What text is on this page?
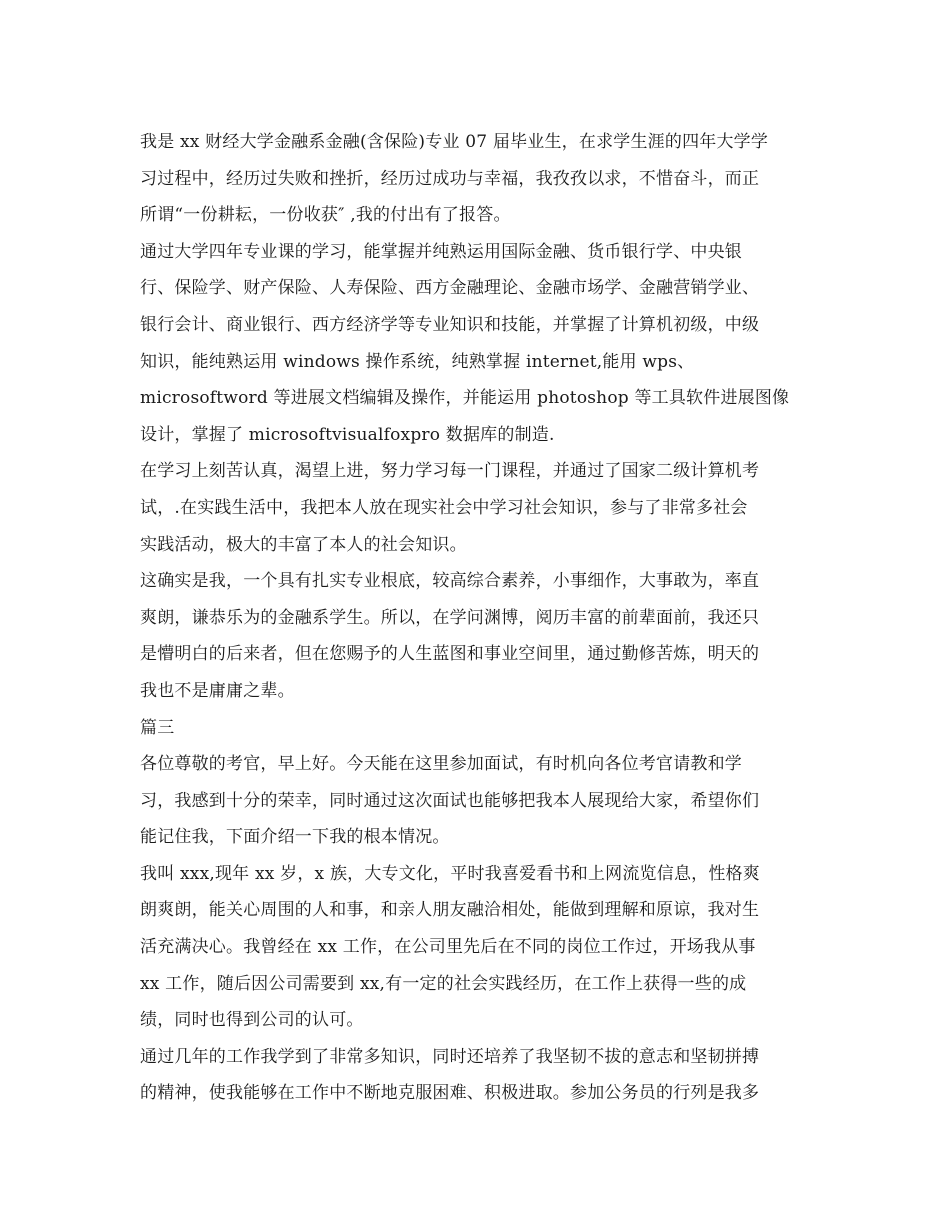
我是 xx 财经大学金融系金融(含保险)专业 07 届毕业生，在求学生涯的四年大学学
习过程中，经历过失败和挫折，经历过成功与幸福，我孜孜以求，不惜奋斗，而正
所谓“一份耕耘，一份收获″ ,我的付出有了报答。

通过大学四年专业课的学习，能掌握并纯熟运用国际金融、货币银行学、中央银
行、保险学、财产保险、人寿保险、西方金融理论、金融市场学、金融营销学业、
银行会计、商业银行、西方经济学等专业知识和技能，并掌握了计算机初级，中级
知识，能纯熟运用 windows 操作系统，纯熟掌握 internet,能用 wps、
microsoftword 等进展文档编辑及操作，并能运用 photoshop 等工具软件进展图像
设计，掌握了 microsoftvisualfoxpro 数据库的制造.

在学习上刻苦认真，渴望上进，努力学习每一门课程，并通过了国家二级计算机考
试，.在实践生活中，我把本人放在现实社会中学习社会知识，参与了非常多社会
实践活动，极大的丰富了本人的社会知识。

这确实是我，一个具有扎实专业根底，较高综合素养，小事细作，大事敢为，率直
爽朗，谦恭乐为的金融系学生。所以，在学问渊博，阅历丰富的前辈面前，我还只
是懵明白的后来者，但在您赐予的人生蓝图和事业空间里，通过勤修苦炼，明天的
我也不是庸庸之辈。

篇三

各位尊敬的考官，早上好。今天能在这里参加面试，有时机向各位考官请教和学
习，我感到十分的荣幸，同时通过这次面试也能够把我本人展现给大家，希望你们
能记住我，下面介绍一下我的根本情况。

我叫 xxx,现年 xx 岁，x 族，大专文化，平时我喜爱看书和上网流览信息，性格爽
朗爽朗，能关心周围的人和事，和亲人朋友融洽相处，能做到理解和原谅，我对生
活充满决心。我曾经在 xx 工作，在公司里先后在不同的岗位工作过，开场我从事
xx 工作，随后因公司需要到 xx,有一定的社会实践经历，在工作上获得一些的成
绩，同时也得到公司的认可。

通过几年的工作我学到了非常多知识，同时还培养了我坚韧不拔的意志和坚韧拼搏
的精神，使我能够在工作中不断地克服困难、积极进取。参加公务员的行列是我多
